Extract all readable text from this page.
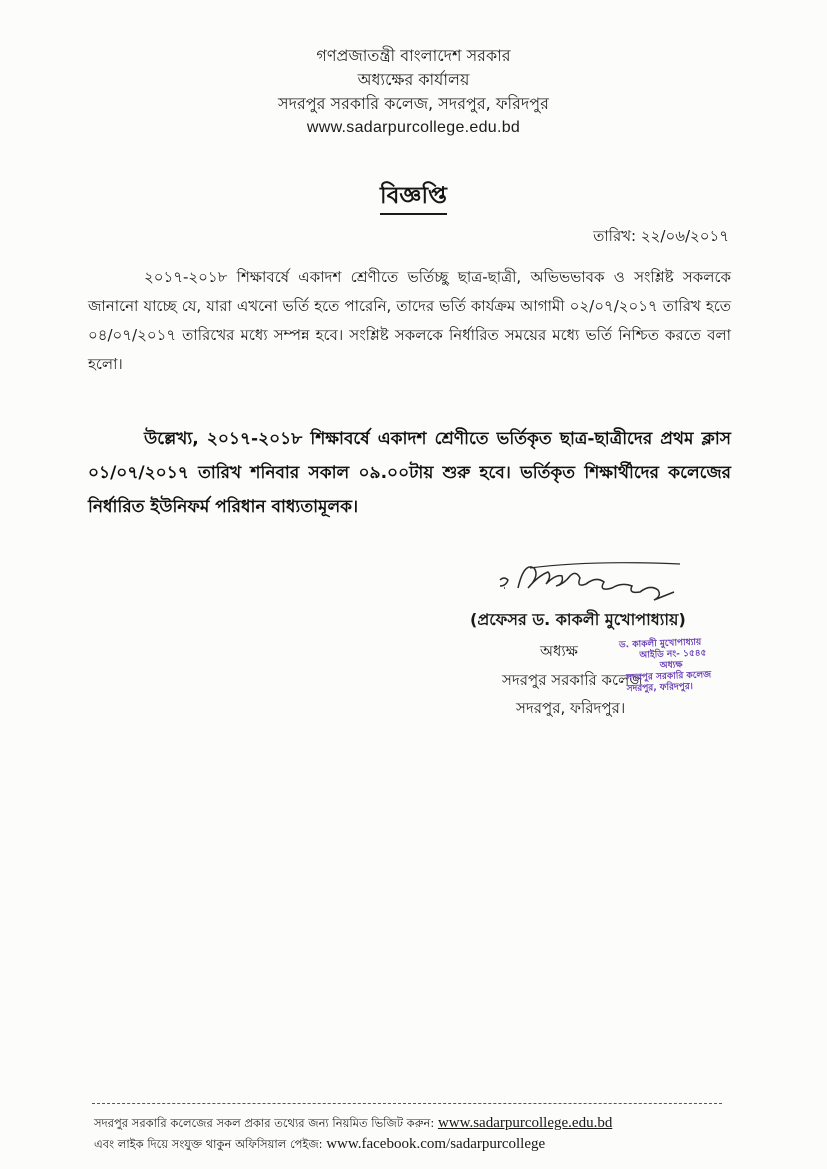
গণপ্রজাতন্ত্রী বাংলাদেশ সরকার
অধ্যক্ষের কার্যালয়
সদরপুর সরকারি কলেজ, সদরপুর, ফরিদপুর
www.sadarpurcollege.edu.bd
বিজ্ঞপ্তি
তারিখ: ২২/০৬/২০১৭
২০১৭-২০১৮ শিক্ষাবর্ষে একাদশ শ্রেণীতে ভর্তিচ্ছু ছাত্র-ছাত্রী, অভিভভাবক ও সংশ্লিষ্ট সকলকে জানানো যাচ্ছে যে, যারা এখনো ভর্তি হতে পারেনি, তাদের ভর্তি কার্যক্রম আগামী ০২/০৭/২০১৭ তারিখ হতে ০৪/০৭/২০১৭ তারিখের মধ্যে সম্পন্ন হবে। সংশ্লিষ্ট সকলকে নির্ধারিত সময়ের মধ্যে ভর্তি নিশ্চিত করতে বলা হলো।
উল্লেখ্য, ২০১৭-২০১৮ শিক্ষাবর্ষে একাদশ শ্রেণীতে ভর্তিকৃত ছাত্র-ছাত্রীদের প্রথম ক্লাস ০১/০৭/২০১৭ তারিখ শনিবার সকাল ০৯.০০টায় শুরু হবে। ভর্তিকৃত শিক্ষার্থীদের কলেজের নির্ধারিত ইউনিফর্ম পরিধান বাধ্যতামূলক।
(প্রফেসর ড. কাকলী মুখোপাধ্যায়)
অধ্যক্ষ
সদরপুর সরকারি কলেজ
সদরপুর, ফরিদপুর।
ড. কাকলী মুখোপাধ্যায়
আইডি নং- ১৫৪৫
অধ্যক্ষ
সদরপুর সরকারি কলেজ
সদরপুর, ফরিদপুর।
সদরপুর সরকারি কলেজের সকল প্রকার তথ্যের জন্য নিয়মিত ভিজিট করুন: www.sadarpurcollege.edu.bd
এবং লাইক দিয়ে সংযুক্ত থাকুন অফিসিয়াল পেইজ: www.facebook.com/sadarpurcollege
